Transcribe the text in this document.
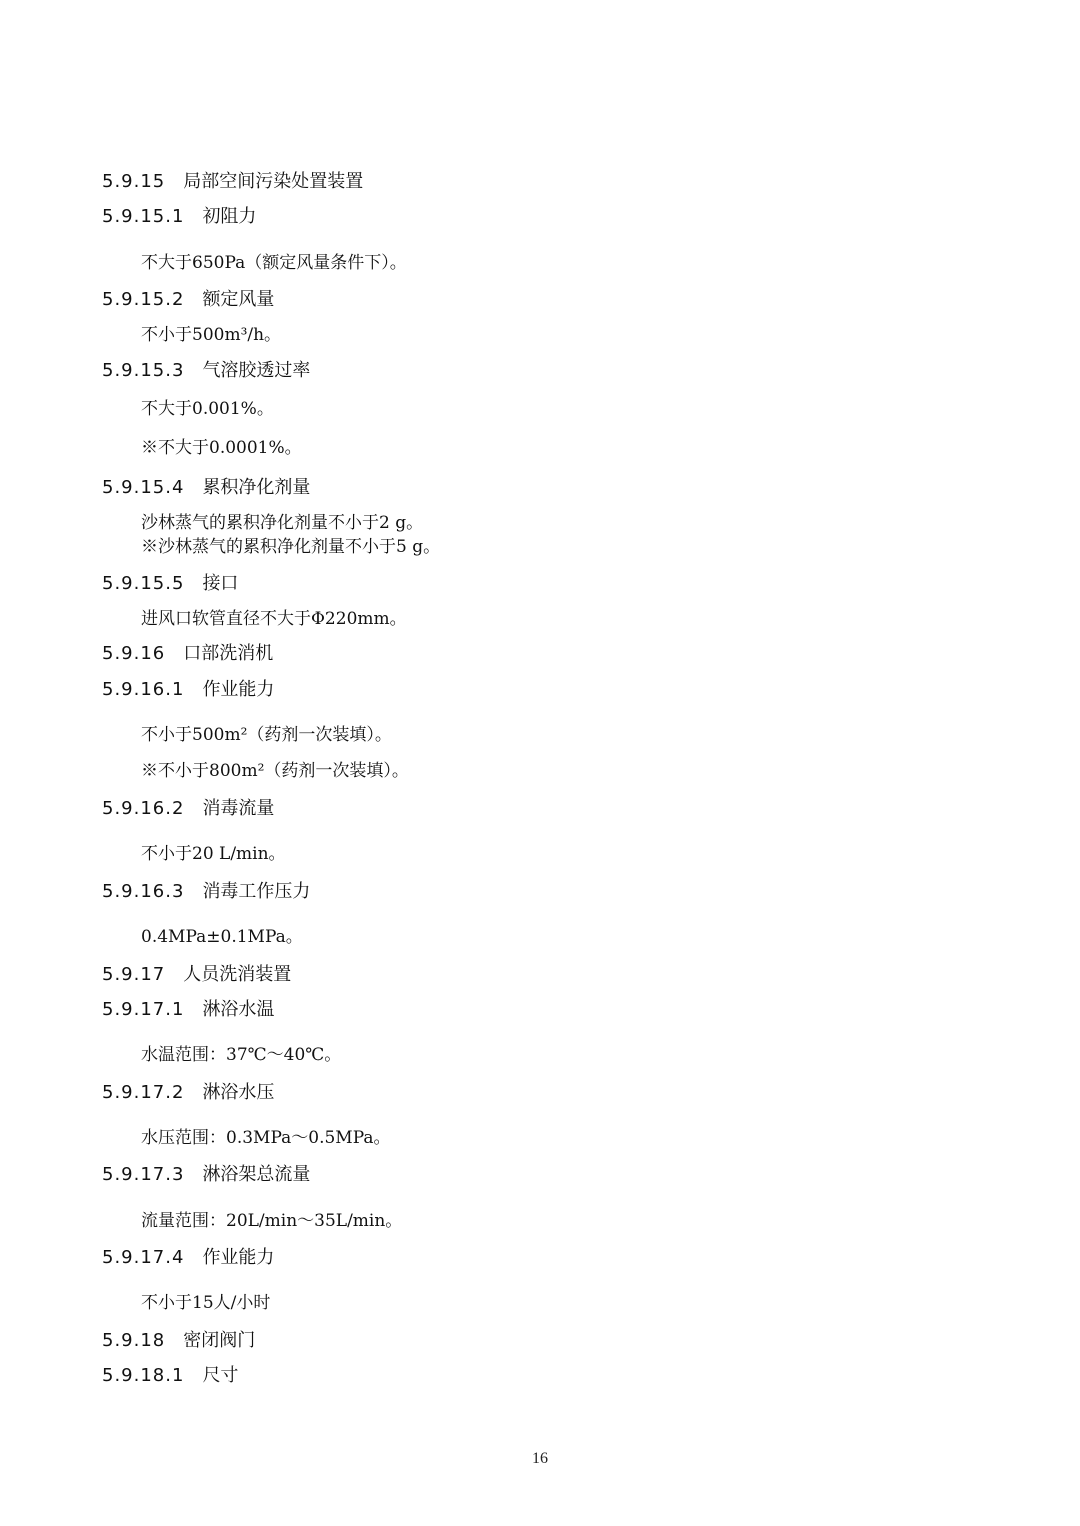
5.9.15 局部空间污染处置装置
5.9.15.1 初阻力
不大于650Pa（额定风量条件下）。
5.9.15.2 额定风量
不小于500m³/h。
5.9.15.3 气溶胶透过率
不大于0.001%。
※不大于0.0001%。
5.9.15.4 累积净化剂量
沙林蒸气的累积净化剂量不小于2 g。
※沙林蒸气的累积净化剂量不小于5 g。
5.9.15.5 接口
进风口软管直径不大于Φ220mm。
5.9.16 口部洗消机
5.9.16.1 作业能力
不小于500m²（药剂一次装填）。
※不小于800m²（药剂一次装填）。
5.9.16.2 消毒流量
不小于20 L/min。
5.9.16.3 消毒工作压力
0.4MPa±0.1MPa。
5.9.17 人员洗消装置
5.9.17.1 淋浴水温
水温范围：37℃～40℃。
5.9.17.2 淋浴水压
水压范围：0.3MPa～0.5MPa。
5.9.17.3 淋浴架总流量
流量范围：20L/min～35L/min。
5.9.17.4 作业能力
不小于15人/小时
5.9.18 密闭阀门
5.9.18.1 尺寸
16
